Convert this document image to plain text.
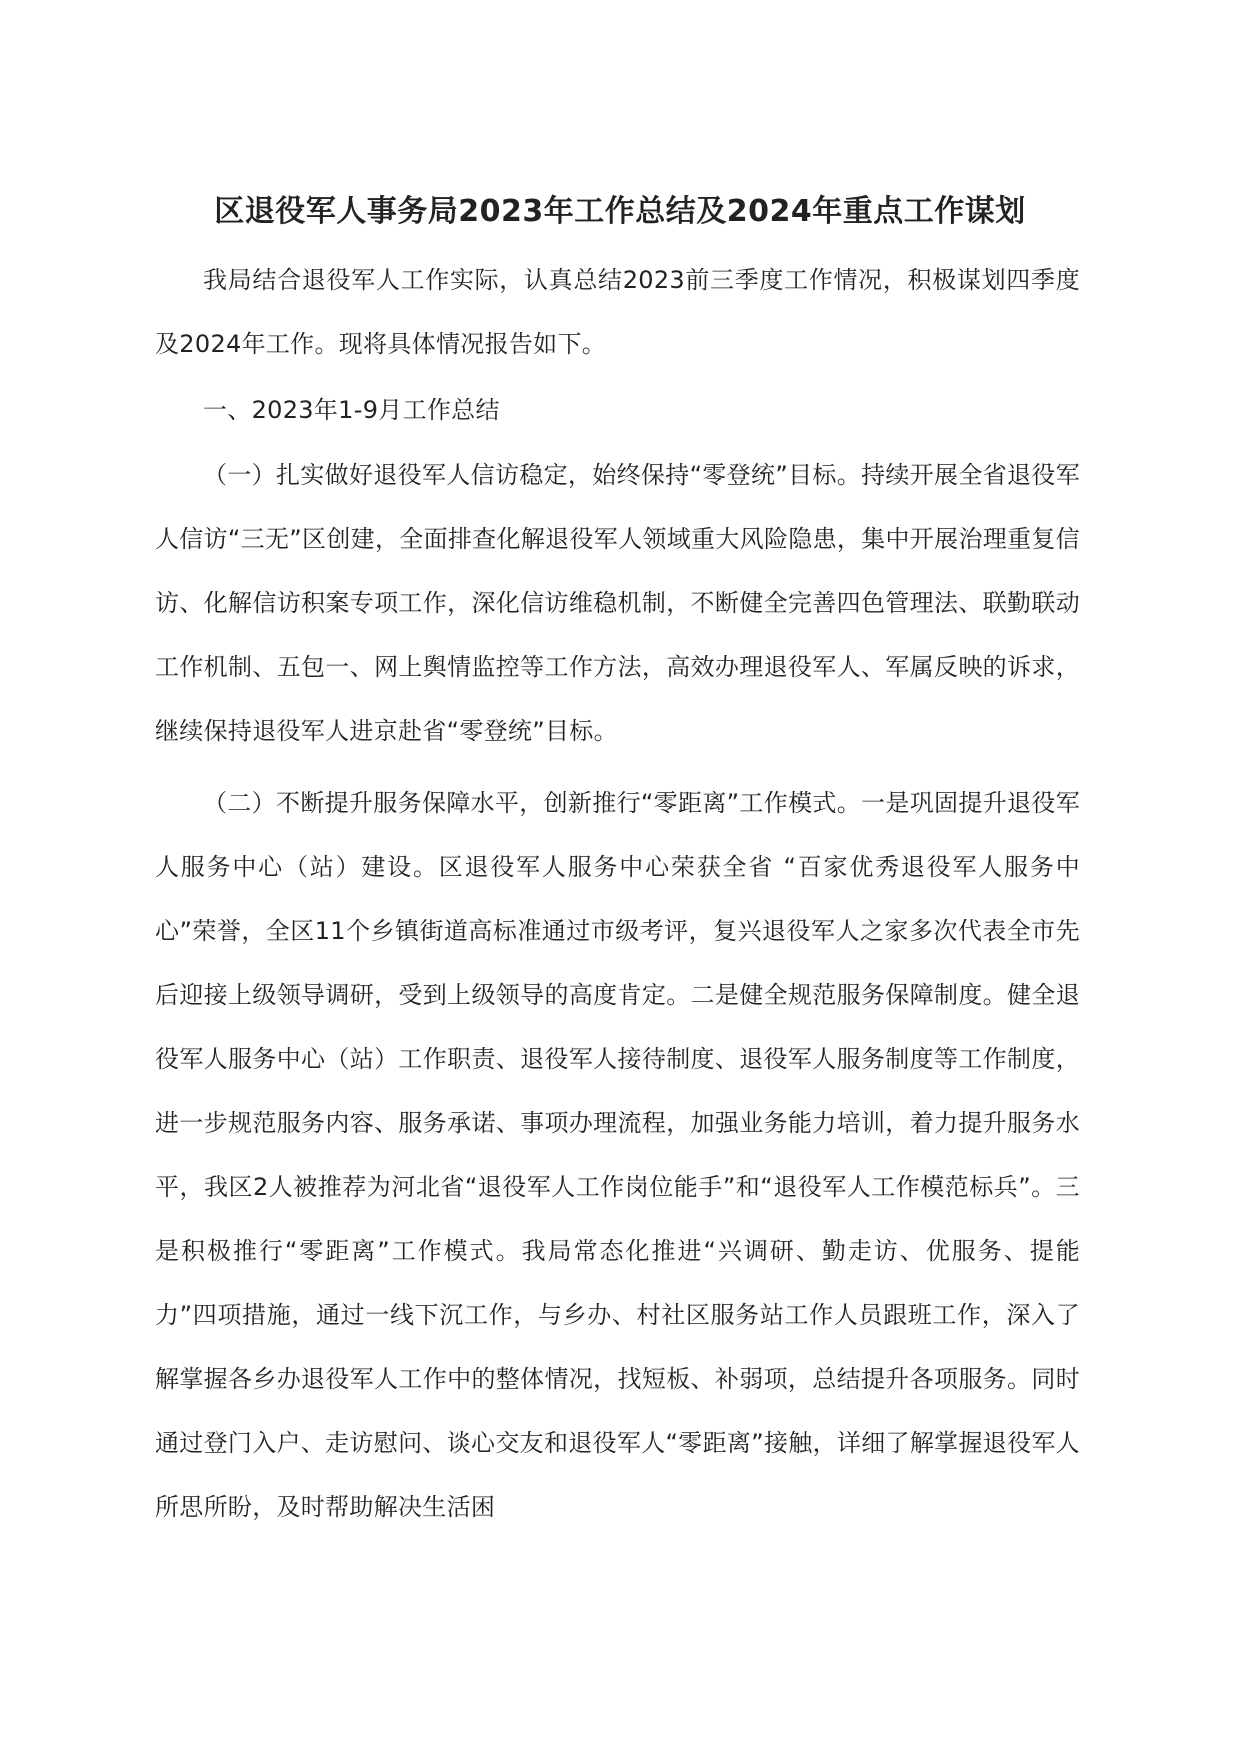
区退役军人事务局2023年工作总结及2024年重点工作谋划

我局结合退役军人工作实际，认真总结2023前三季度工作情况，积极谋划四季度及2024年工作。现将具体情况报告如下。

一、2023年1-9月工作总结

（一）扎实做好退役军人信访稳定，始终保持“零登统”目标。持续开展全省退役军人信访“三无”区创建，全面排查化解退役军人领域重大风险隐患，集中开展治理重复信访、化解信访积案专项工作，深化信访维稳机制，不断健全完善四色管理法、联勤联动工作机制、五包一、网上舆情监控等工作方法，高效办理退役军人、军属反映的诉求，继续保持退役军人进京赴省“零登统”目标。

（二）不断提升服务保障水平，创新推行“零距离”工作模式。一是巩固提升退役军人服务中心（站）建设。区退役军人服务中心荣获全省 “百家优秀退役军人服务中心”荣誉，全区11个乡镇街道高标准通过市级考评，复兴退役军人之家多次代表全市先后迎接上级领导调研，受到上级领导的高度肯定。二是健全规范服务保障制度。健全退役军人服务中心（站）工作职责、退役军人接待制度、退役军人服务制度等工作制度，进一步规范服务内容、服务承诺、事项办理流程，加强业务能力培训，着力提升服务水平，我区2人被推荐为河北省“退役军人工作岗位能手”和“退役军人工作模范标兵”。三是积极推行“零距离”工作模式。我局常态化推进“兴调研、勤走访、优服务、提能力”四项措施，通过一线下沉工作，与乡办、村社区服务站工作人员跟班工作，深入了解掌握各乡办退役军人工作中的整体情况，找短板、补弱项，总结提升各项服务。同时通过登门入户、走访慰问、谈心交友和退役军人“零距离”接触，详细了解掌握退役军人所思所盼，及时帮助解决生活困
